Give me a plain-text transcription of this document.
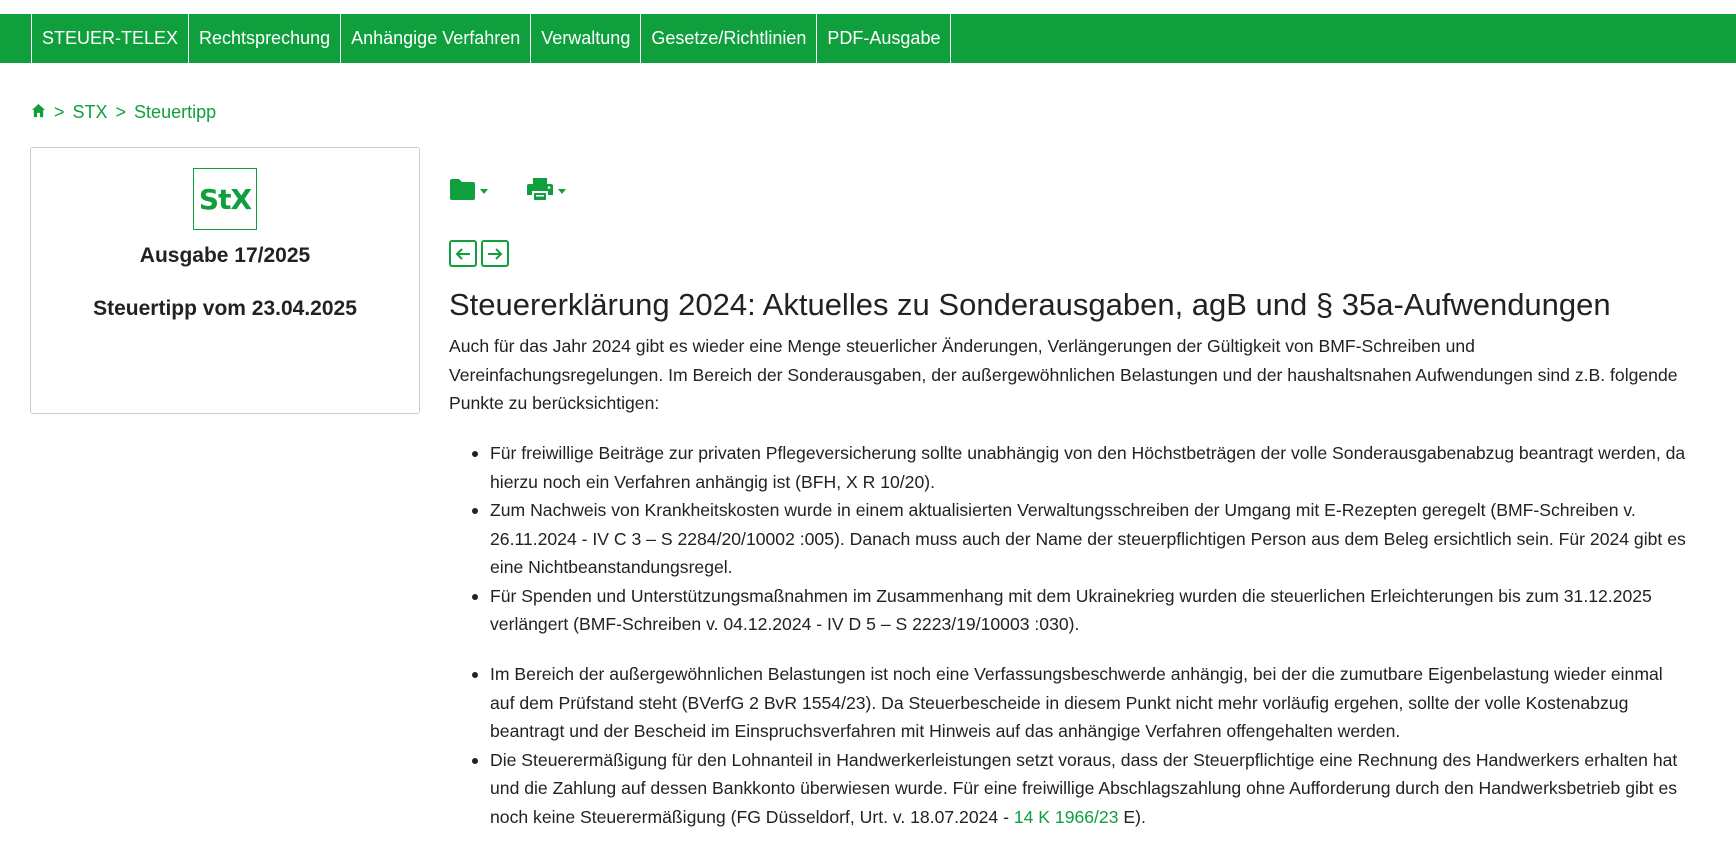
STEUER-TELEX	Rechtsprechung	Anhängige Verfahren	Verwaltung	Gesetze/Richtlinien	PDF-Ausgabe
> STX > Steuertipp
StX
Ausgabe 17/2025
Steuertipp vom 23.04.2025	Steuererklärung 2024: Aktuelles zu Sonderausgaben, agB und § 35a-Aufwendungen

Auch für das Jahr 2024 gibt es wieder eine Menge steuerlicher Änderungen, Verlängerungen der Gültigkeit von BMF-Schreiben und Vereinfachungsregelungen. Im Bereich der Sonderausgaben, der außergewöhnlichen Belastungen und der haushaltsnahen Aufwendungen sind z.B. folgende Punkte zu berücksichtigen:

Für freiwillige Beiträge zur privaten Pflegeversicherung sollte unabhängig von den Höchstbeträgen der volle Sonderausgabenabzug beantragt werden, da hierzu noch ein Verfahren anhängig ist (BFH, X R 10/20).
Zum Nachweis von Krankheitskosten wurde in einem aktualisierten Verwaltungsschreiben der Umgang mit E-Rezepten geregelt (BMF-Schreiben v. 26.11.2024 - IV C 3 – S 2284/20/10002 :005). Danach muss auch der Name der steuerpflichtigen Person aus dem Beleg ersichtlich sein. Für 2024 gibt es eine Nichtbeanstandungsregel.
Für Spenden und Unterstützungsmaßnahmen im Zusammenhang mit dem Ukrainekrieg wurden die steuerlichen Erleichterungen bis zum 31.12.2025 verlängert (BMF-Schreiben v. 04.12.2024 - IV D 5 – S 2223/19/10003 :030).
Im Bereich der außergewöhnlichen Belastungen ist noch eine Verfassungsbeschwerde anhängig, bei der die zumutbare Eigenbelastung wieder einmal auf dem Prüfstand steht (BVerfG 2 BvR 1554/23). Da Steuerbescheide in diesem Punkt nicht mehr vorläufig ergehen, sollte der volle Kostenabzug beantragt und der Bescheid im Einspruchsverfahren mit Hinweis auf das anhängige Verfahren offengehalten werden.
Die Steuerermäßigung für den Lohnanteil in Handwerkerleistungen setzt voraus, dass der Steuerpflichtige eine Rechnung des Handwerkers erhalten hat und die Zahlung auf dessen Bankkonto überwiesen wurde. Für eine freiwillige Abschlagszahlung ohne Aufforderung durch den Handwerksbetrieb gibt es noch keine Steuerermäßigung (FG Düsseldorf, Urt. v. 18.07.2024 - 14 K 1966/23 E).
